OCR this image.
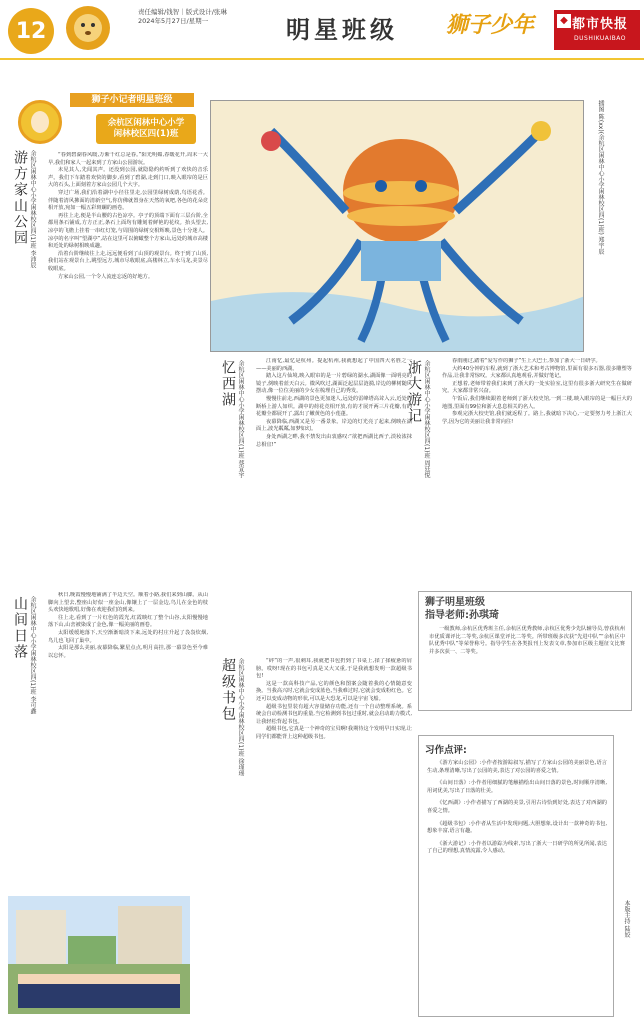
12
责任编辑/钱智｜版式设计/张琳
2024年5月27日/星期一	明星班级 狮子少年	◆ 都市快报
DUSHIKUAIBAO
狮子小记者明星班级
余杭区闲林中心小学
闲林校区四(1)班	插图 陈(xx)(余杭区闲林中心小学闲林校区四(1)班) 郑宇辰
游方家山公园 余杭区闲林中心小学闲林校区四(1)班 李沛辰	“春到碧湖春风暖,万紫千红总是春。”阳光明媚,春暖花开,周末一大早,我们和家人一起来到了方家山公园游玩。

未见其人,先闻其声。还没到公园,就隐隐约约听到了欢快的音乐声。我们下车踏着欢快的脚步,看到了碧湖,走到门口,映入眼帘的是巨大的石头,上面刻着方家山公园几个大字。

穿过广场,我们沿着湖中小径往里走,公园里绿树成荫,鸟语花香。伴随着清风拂面的清新空气,你仿佛就置身在天然的氧吧,各色的花朵竞相开放,宛如一幅五彩斑斓的画卷。

再往上走,便是半山腰的古色凉亭。亭子的顶端下面有三层台阶,全都用条石铺成,方方正正,条石上面均有雕刻着鲜艳的花纹。抬头望去,凉亭的飞檐上挂着一串红灯笼,与周围的绿树交相辉映,景色十分迷人。凉亭的名字叫“望湖亭”,站在这里可以俯瞰整个方家山,远处的城市高楼和近处的绿树相映成趣。

沿着台阶继续往上走,远远便看到了山顶的观景台。终于到了山顶,我们站在观景台上,眺望远方,城市尽收眼底,高楼林立,车水马龙,美景尽收眼底。

方家山公园,一个令人流连忘返的好地方。

山间日落 余杭区闲林中心小学闲林校区四(1)班 李可鑫

秋日,晚霞慢慢地铺满了半边天空。顺着小路,我们来到山脚。从山脚向上望去,整座山好似一座金山,像镶上了一层金边,鸟儿在金色的枝头欢快地歌唱,好像在欢迎我们的到来。

往上走,看到了一片红色的霞光,红霞映红了整个山谷,太阳慢慢地落下山,山峦被染成了金色,像一幅美丽的画卷。

太阳缓缓地落下,天空渐渐暗淡下来,远处的村庄升起了袅袅炊烟,鸟儿也飞回了巢中。

太阳是那么美丽,夜幕降临,繁星点点,明月高挂,那一幕景色至今难以忘怀。

忆西湖 余杭区闲林中心小学闲林校区四(1)班 蔡宣宇	江南忆,最忆是杭州。提起杭州,我就想起了中国四大名胜之一——美丽的西湖。

踏入这片仙境,映入眼帘的是一片碧绿的湖水,湖面像一面明亮的镜子,倒映着蓝天白云。微风吹过,湖面泛起层层涟漪,岸边的柳树随风摆动,像一位位美丽的少女在梳理自己的秀发。

慢慢往前走,西湖的景色更加迷人,远处的雷峰塔高耸入云,近处的断桥上游人如织。湖中的荷花竞相开放,有的才展开两三片花瓣,有的花瓣全都展开了,露出了嫩黄色的小莲蓬。

夜幕降临,西湖又是另一番景象。岸边的灯光亮了起来,倒映在湖面上,波光粼粼,如梦如幻。

身处西湖之畔,我不禁发出由衷感叹:“欲把西湖比西子,淡妆浓抹总相宜!”

超级书包 余杭区闲林中心小学闲林校区四(1)班 徐瑾瑶	“砰”的一声,很刺耳,我就把书包扔到了书桌上,揉了揉疲惫的肩膀。哎呀!现在的书包可真是又大又重,于是我就想发明一款超级书包!

这是一款高科技产品,它的颜色和图案会随着我的心情随意变换。当我高兴时,它就会变成蓝色,当我难过时,它就会变成粉红色。它还可以变成动物的形状,可以是大恐龙,可以是宇宙飞船。

超级书包里装有超大容量储存功能,还有一个自动整理系统。系统会自动检测书包的重量,当它检测到书包过重时,就会启动助力模式,让我轻松背起书包。

超级书包,它真是一个神奇的宝贝啊!我期待这个发明早日实现,让同学们都能背上这种超级书包。

浙大游记 余杭区闲林中心小学闲林校区四(1)班 周廷悦	春雨刚过,踏着“爱写作的狮子”生上大巴士,参加了浙大一日研学。

大约40分钟的车程,就到了浙大艺术和考古博物馆,里面有很多石器,很多雕塑等作品,让我非常惊叹。大家都认真地观看,并做好笔记。

正想着,老师带着我们来到了浙大的一处实验室,这里有很多浙大研究生在做研究。大家都非常兴奋。

午饭后,我们继续跟着老师到了浙大校史馆,一到二楼,映入眼帘的是一幅巨大的地图,里面有99位和浙大息息相关的名人。

参观完浙大校史馆,我们就返程了。路上,我就暗下决心,一定要努力考上浙江大学,因为它的美丽让我非常向往!

狮子明星班级
指导老师:孙琪琦

一级教师,余杭区优秀班主任,余杭区优秀教师,余杭区优秀少先队辅导员,曾获杭州市优质课评比二等奖,余杭区课堂评比二等奖。所带班级多次获“先进中队”“余杭区中队优秀中队”等荣誉称号。指导学生在各类报刊上发表文章,参加市区级主题征文比赛并多次获一、二等奖。

习作点评:

《游方家山公园》:小作者按游踪叙写,描写了方家山公园的美丽景色,语言生动,条理清晰,写出了公园的美,表达了对公园的喜爱之情。

《山间日落》:小作者用细腻的笔触描绘出山间日落的景色,时间顺序清晰,用词优美,写出了日落的壮美。

《忆西湖》:小作者描写了西湖的美景,引用古诗恰到好处,表达了对西湖的喜爱之情。

《超级书包》:小作者从生活中发现问题,大胆想象,设计出一款神奇的书包,想象丰富,语言有趣。

《浙大游记》:小作者以游踪为线索,写出了浙大一日研学的所见所闻,表达了自己的理想,真情流露,令人感动。

本版主持 陆姣
